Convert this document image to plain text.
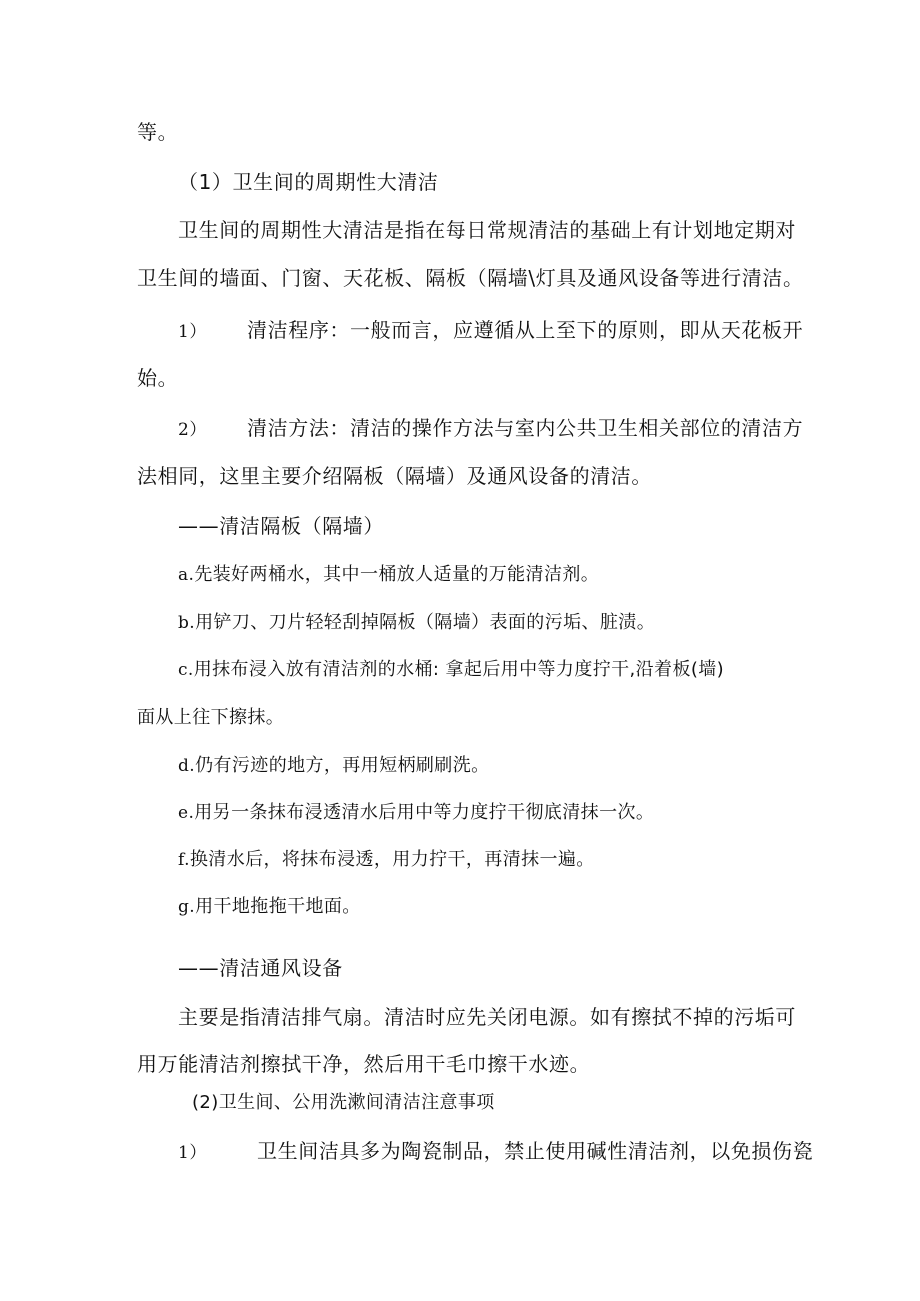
等。
（1）卫生间的周期性大清洁
卫生间的周期性大清洁是指在每日常规清洁的基础上有计划地定期对
卫生间的墙面、门窗、天花板、隔板（隔墙\灯具及通风设备等进行清洁。
1） 清洁程序：一般而言，应遵循从上至下的原则，即从天花板开
始。
2） 清洁方法：清洁的操作方法与室内公共卫生相关部位的清洁方
法相同，这里主要介绍隔板（隔墙）及通风设备的清洁。
——清洁隔板（隔墙）
a.先装好两桶水，其中一桶放人适量的万能清洁剂。
b.用铲刀、刀片轻轻刮掉隔板（隔墙）表面的污垢、脏渍。
c.用抹布浸入放有清洁剂的水桶: 拿起后用中等力度拧干,沿着板(墙)
面从上往下擦抹。
d.仍有污迹的地方，再用短柄刷刷洗。
e.用另一条抹布浸透清水后用中等力度拧干彻底清抹一次。
f.换清水后，将抹布浸透，用力拧干，再清抹一遍。
g.用干地拖拖干地面。
——清洁通风设备
主要是指清洁排气扇。清洁时应先关闭电源。如有擦拭不掉的污垢可
用万能清洁剂擦拭干净，然后用干毛巾擦干水迹。
(2)卫生间、公用洗漱间清洁注意事项
1）	卫生间洁具多为陶瓷制品，禁止使用碱性清洁剂，以免损伤瓷
